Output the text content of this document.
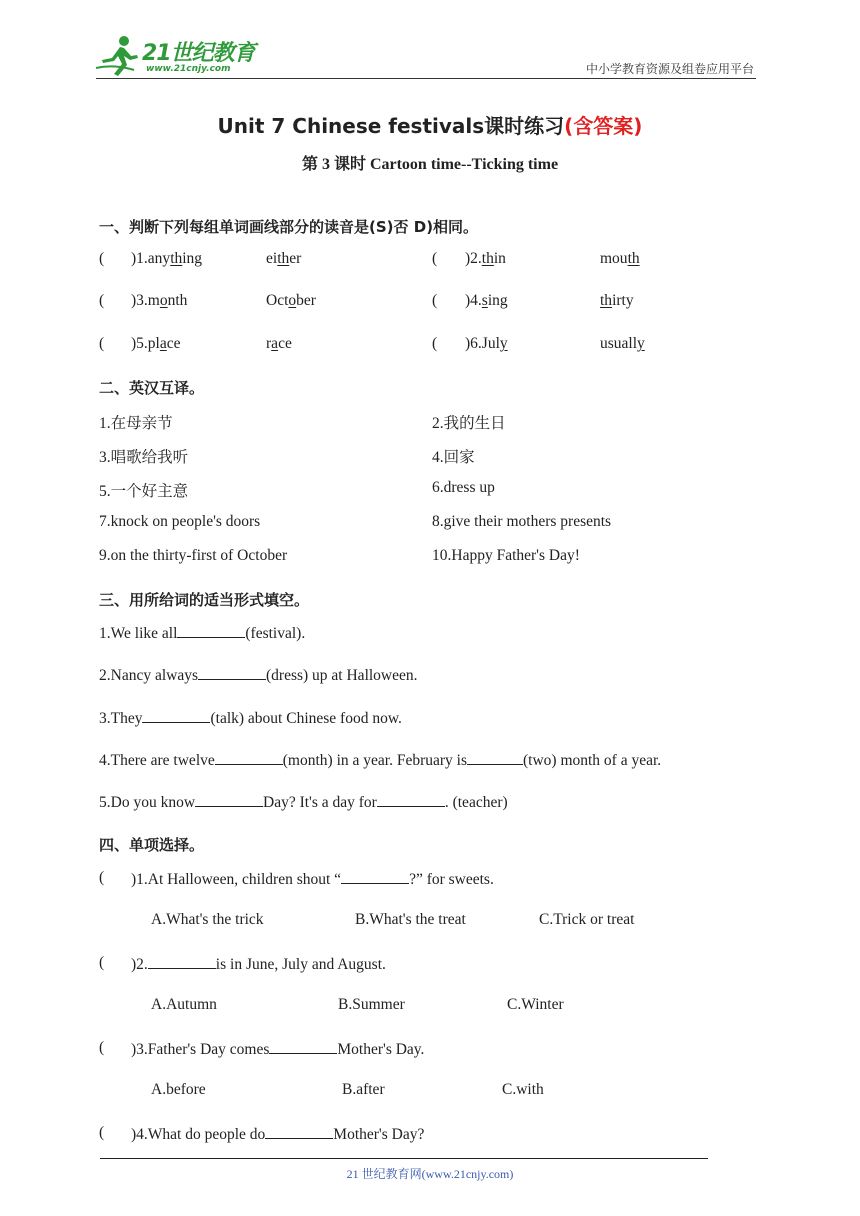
21世纪教育
www.21cnjy.com	中小学教育资源及组卷应用平台
Unit 7 Chinese festivals课时练习(含答案)
第 3 课时 Cartoon time--Ticking time
一、判断下列每组单词画线部分的读音是(S)否 D)相同。
( )1.anything	either	( )2.thin	mouth
( )3.month	October	( )4.sing	thirty
( )5.place	race	( )6.July	usually
二、英汉互译。
1.在母亲节	2.我的生日
3.唱歌给我听	4.回家
5.一个好主意	6.dress up
7.knock on people's doors	8.give their mothers presents
9.on the thirty-first of October	10.Happy Father's Day!
三、用所给词的适当形式填空。
1.We like all	(festival).
2.Nancy always	(dress) up at Halloween.
3.They	(talk) about Chinese food now.
4.There are twelve	(month) in a year. February is	(two) month of a year.
5.Do you know	Day? It's a day for	. (teacher)
四、单项选择。
( )1.At Halloween, children shout “	?” for sweets.
A.What's the trick	B.What's the treat	C.Trick or treat
( )2.	is in June, July and August.
A.Autumn	B.Summer	C.Winter
( )3.Father's Day comes	Mother's Day.
A.before	B.after	C.with
( )4.What do people do	Mother's Day?
21 世纪教育网(www.21cnjy.com)
